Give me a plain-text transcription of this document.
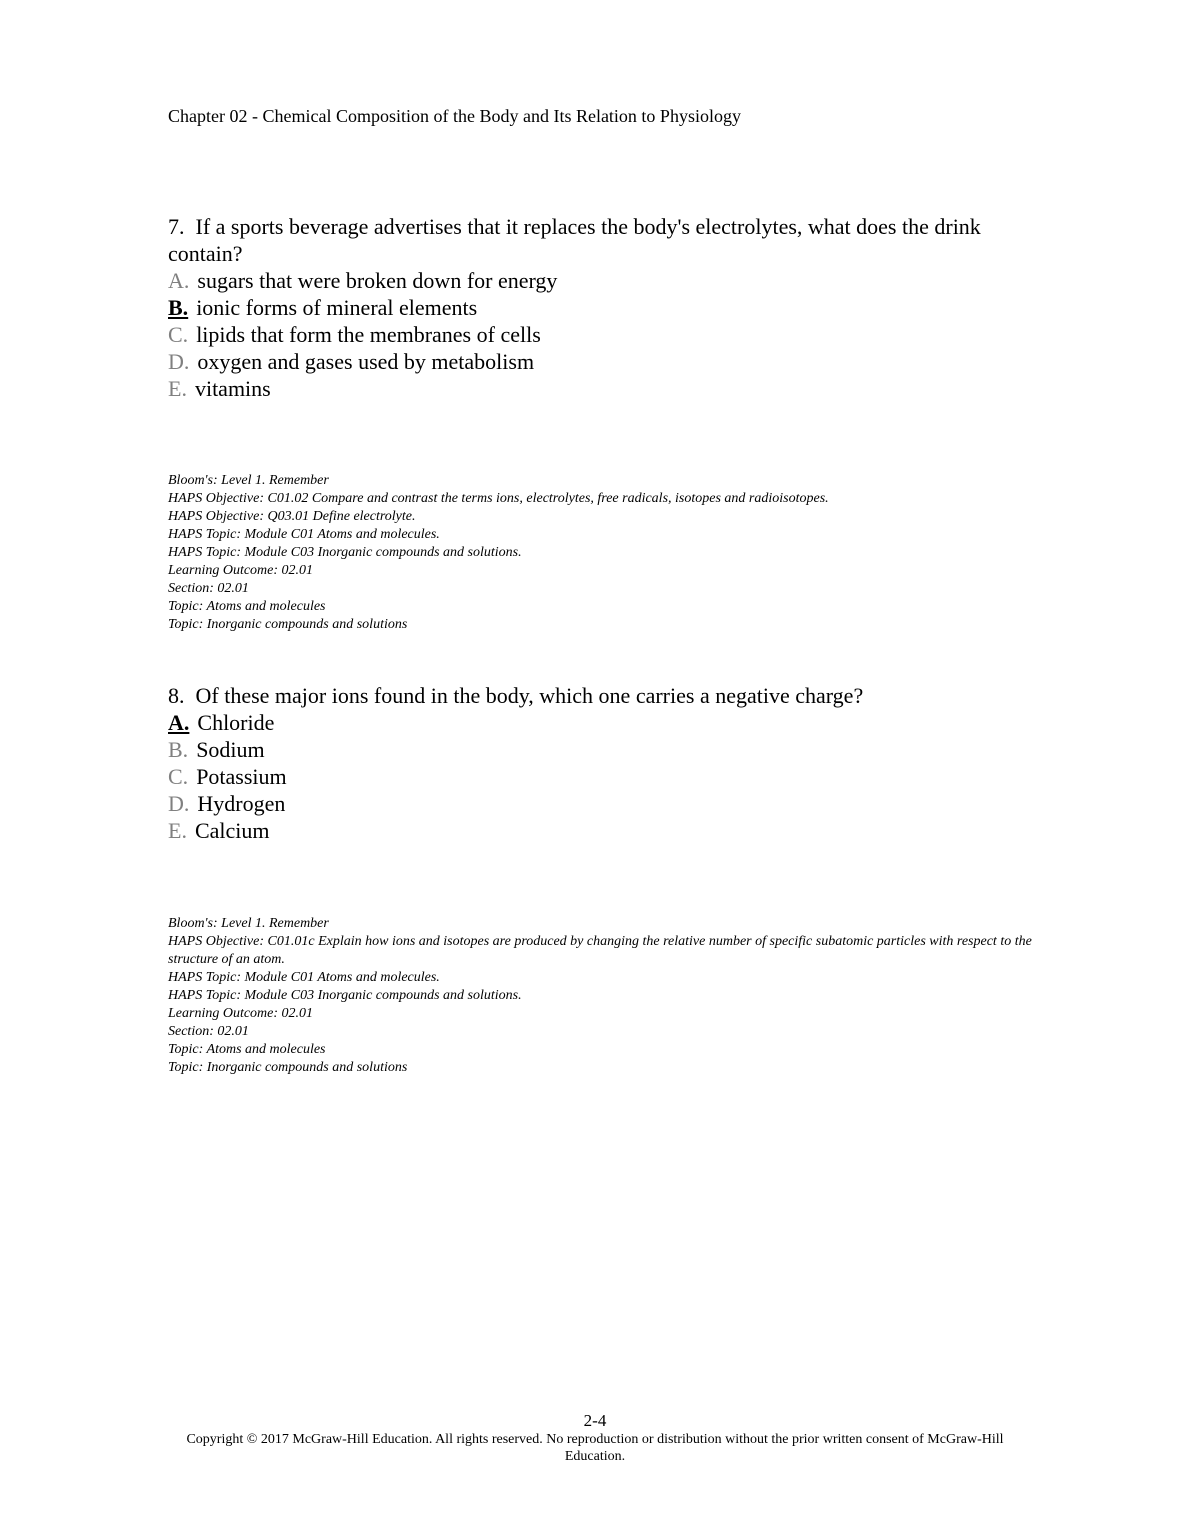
Chapter 02 - Chemical Composition of the Body and Its Relation to Physiology

7. If a sports beverage advertises that it replaces the body's electrolytes, what does the drink contain?

A. sugars that were broken down for energy
B. ionic forms of mineral elements
C. lipids that form the membranes of cells
D. oxygen and gases used by metabolism
E. vitamins
Bloom's: Level 1. Remember
HAPS Objective: C01.02 Compare and contrast the terms ions, electrolytes, free radicals, isotopes and radioisotopes.
HAPS Objective: Q03.01 Define electrolyte.
HAPS Topic: Module C01 Atoms and molecules.
HAPS Topic: Module C03 Inorganic compounds and solutions.
Learning Outcome: 02.01
Section: 02.01
Topic: Atoms and molecules
Topic: Inorganic compounds and solutions

8. Of these major ions found in the body, which one carries a negative charge?

A. Chloride
B. Sodium
C. Potassium
D. Hydrogen
E. Calcium
Bloom's: Level 1. Remember
HAPS Objective: C01.01c Explain how ions and isotopes are produced by changing the relative number of specific subatomic particles with respect to the structure of an atom.
HAPS Topic: Module C01 Atoms and molecules.
HAPS Topic: Module C03 Inorganic compounds and solutions.
Learning Outcome: 02.01
Section: 02.01
Topic: Atoms and molecules
Topic: Inorganic compounds and solutions
2-4
Copyright © 2017 McGraw-Hill Education. All rights reserved. No reproduction or distribution without the prior written consent of McGraw-Hill Education.
